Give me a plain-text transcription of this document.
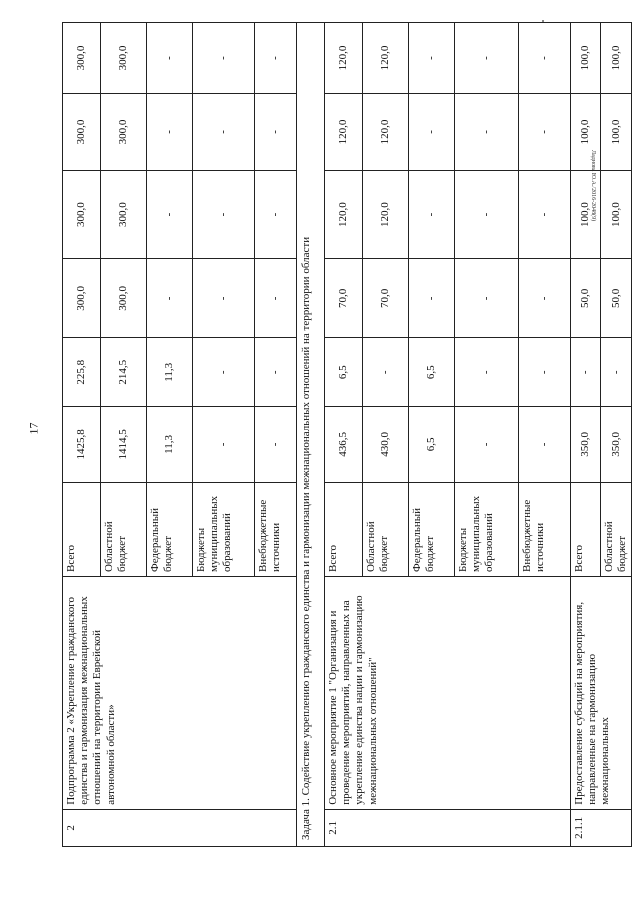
17
Ладнова Ю.А./2016-2048(9)
2	Подпрограмма 2 «Укрепление гражданского единства и гармонизация межнациональных отношений на территории Еврейской автономной области»	Всего	1425,8	225,8	300,0	300,0	300,0	300,0
		Областной бюджет	1414,5	214,5	300,0	300,0	300,0	300,0
		Федеральный бюджет	11,3	11,3	-	-	-	-
		Бюджеты муниципальных образований	-	-	-	-	-	-
		Внебюджетные источники	-	-	-	-	-	-
Задача 1. Содействие укреплению гражданского единства и гармонизации межнациональных отношений на территории области								
2.1	Основное мероприятие 1 "Организация и проведение мероприятий, направленных на укрепление единства нации и гармонизацию межнациональных отношений"	Всего	436,5	6,5	70,0	120,0	120,0	120,0
		Областной бюджет	430,0	-	70,0	120,0	120,0	120,0
		Федеральный бюджет	6,5	6,5	-	-	-	-
		Бюджеты муниципальных образований	-	-	-	-	-	-
		Внебюджетные источники	-	-	-	-	-	-
2.1.1	Предоставление субсидий на мероприятия, направленные на гармонизацию межнациональных	Всего	350,0	-	50,0	100,0	100,0	100,0
		Областной бюджет	350,0	-	50,0	100,0	100,0	100,0
